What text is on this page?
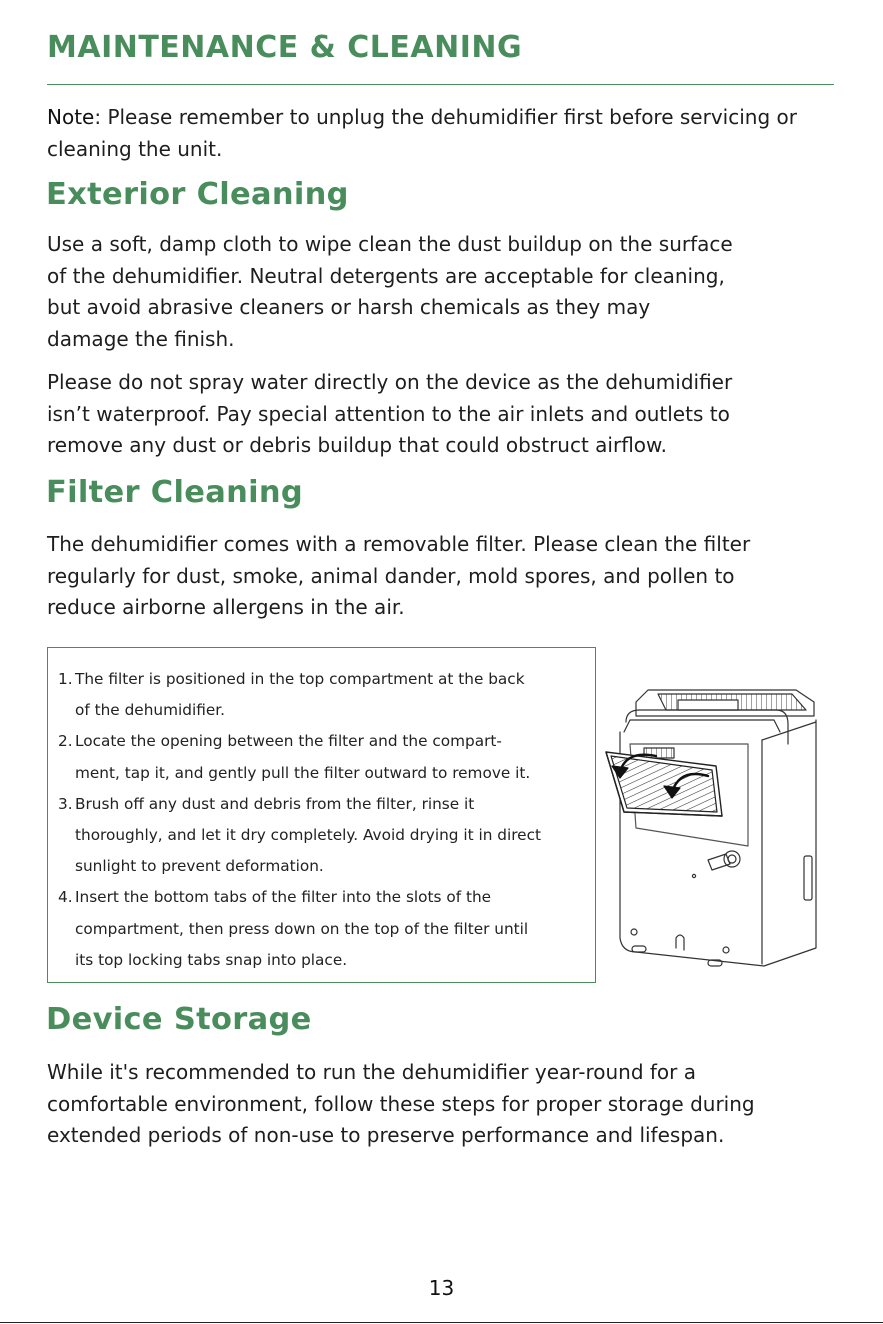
MAINTENANCE & CLEANING

Note: Please remember to unplug the dehumidifier first before servicing or cleaning the unit.

Exterior Cleaning

Use a soft, damp cloth to wipe clean the dust buildup on the surface
of the dehumidifier. Neutral detergents are acceptable for cleaning,
but avoid abrasive cleaners or harsh chemicals as they may
damage the finish.

Please do not spray water directly on the device as the dehumidifier
isn’t waterproof. Pay special attention to the air inlets and outlets to
remove any dust or debris buildup that could obstruct airflow.

Filter Cleaning

The dehumidifier comes with a removable filter. Please clean the filter
regularly for dust, smoke, animal dander, mold spores, and pollen to
reduce airborne allergens in the air.

1. The filter is positioned in the top compartment at the back
of the dehumidifier.
2. Locate the opening between the filter and the compart-
ment, tap it, and gently pull the filter outward to remove it.
3. Brush off any dust and debris from the filter, rinse it
thoroughly, and let it dry completely. Avoid drying it in direct
sunlight to prevent deformation.
4. Insert the bottom tabs of the filter into the slots of the
compartment, then press down on the top of the filter until
its top locking tabs snap into place.
Device Storage

While it's recommended to run the dehumidifier year-round for a
comfortable environment, follow these steps for proper storage during
extended periods of non-use to preserve performance and lifespan.

13
